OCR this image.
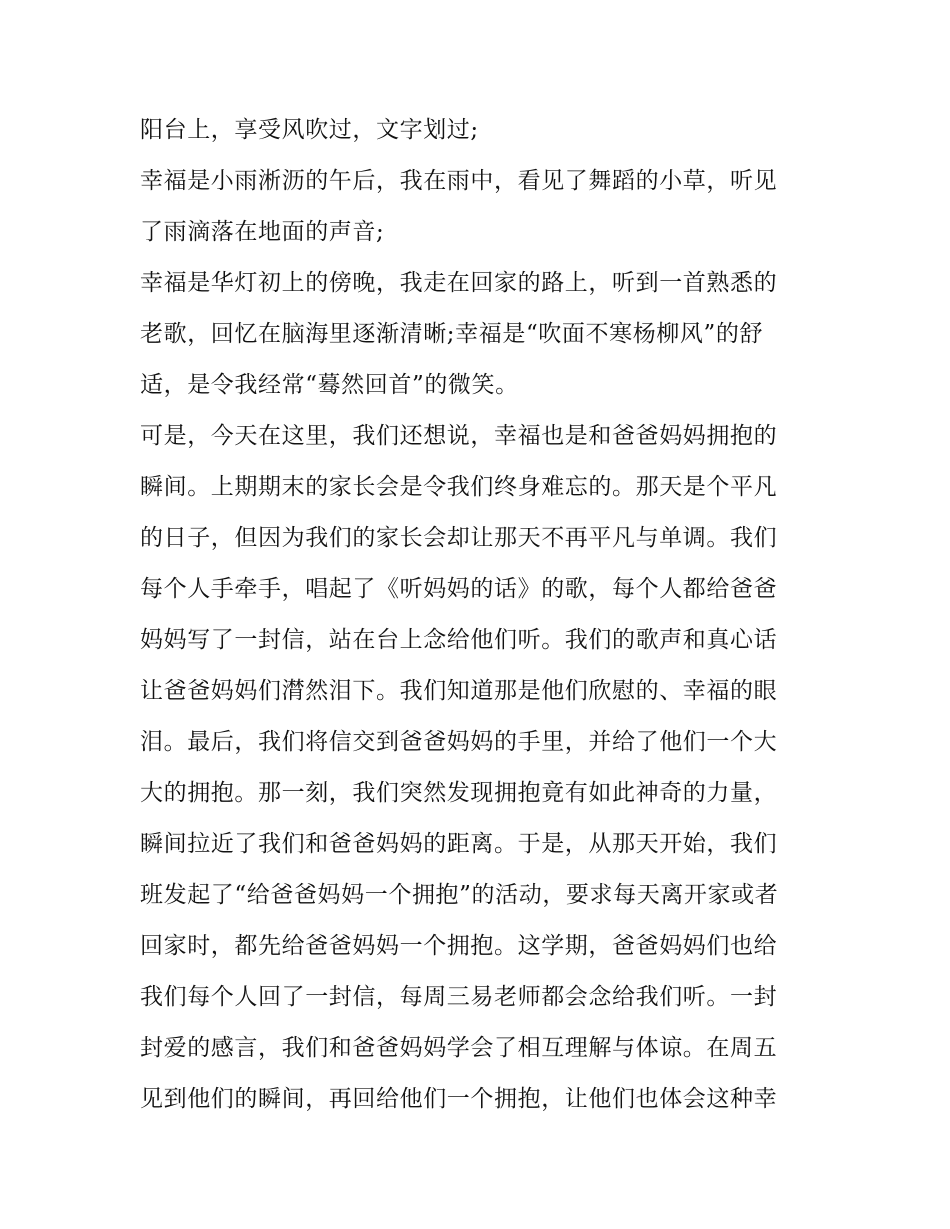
阳台上，享受风吹过，文字划过;
幸福是小雨淅沥的午后，我在雨中，看见了舞蹈的小草，听见
了雨滴落在地面的声音;
幸福是华灯初上的傍晚，我走在回家的路上，听到一首熟悉的
老歌，回忆在脑海里逐渐清晰;幸福是“吹面不寒杨柳风”的舒
适，是令我经常“蓦然回首”的微笑。
可是，今天在这里，我们还想说，幸福也是和爸爸妈妈拥抱的
瞬间。上期期末的家长会是令我们终身难忘的。那天是个平凡
的日子，但因为我们的家长会却让那天不再平凡与单调。我们
每个人手牵手，唱起了《听妈妈的话》的歌，每个人都给爸爸
妈妈写了一封信，站在台上念给他们听。我们的歌声和真心话
让爸爸妈妈们潸然泪下。我们知道那是他们欣慰的、幸福的眼
泪。最后，我们将信交到爸爸妈妈的手里，并给了他们一个大
大的拥抱。那一刻，我们突然发现拥抱竟有如此神奇的力量，
瞬间拉近了我们和爸爸妈妈的距离。于是，从那天开始，我们
班发起了“给爸爸妈妈一个拥抱”的活动，要求每天离开家或者
回家时，都先给爸爸妈妈一个拥抱。这学期，爸爸妈妈们也给
我们每个人回了一封信，每周三易老师都会念给我们听。一封
封爱的感言，我们和爸爸妈妈学会了相互理解与体谅。在周五
见到他们的瞬间，再回给他们一个拥抱，让他们也体会这种幸
